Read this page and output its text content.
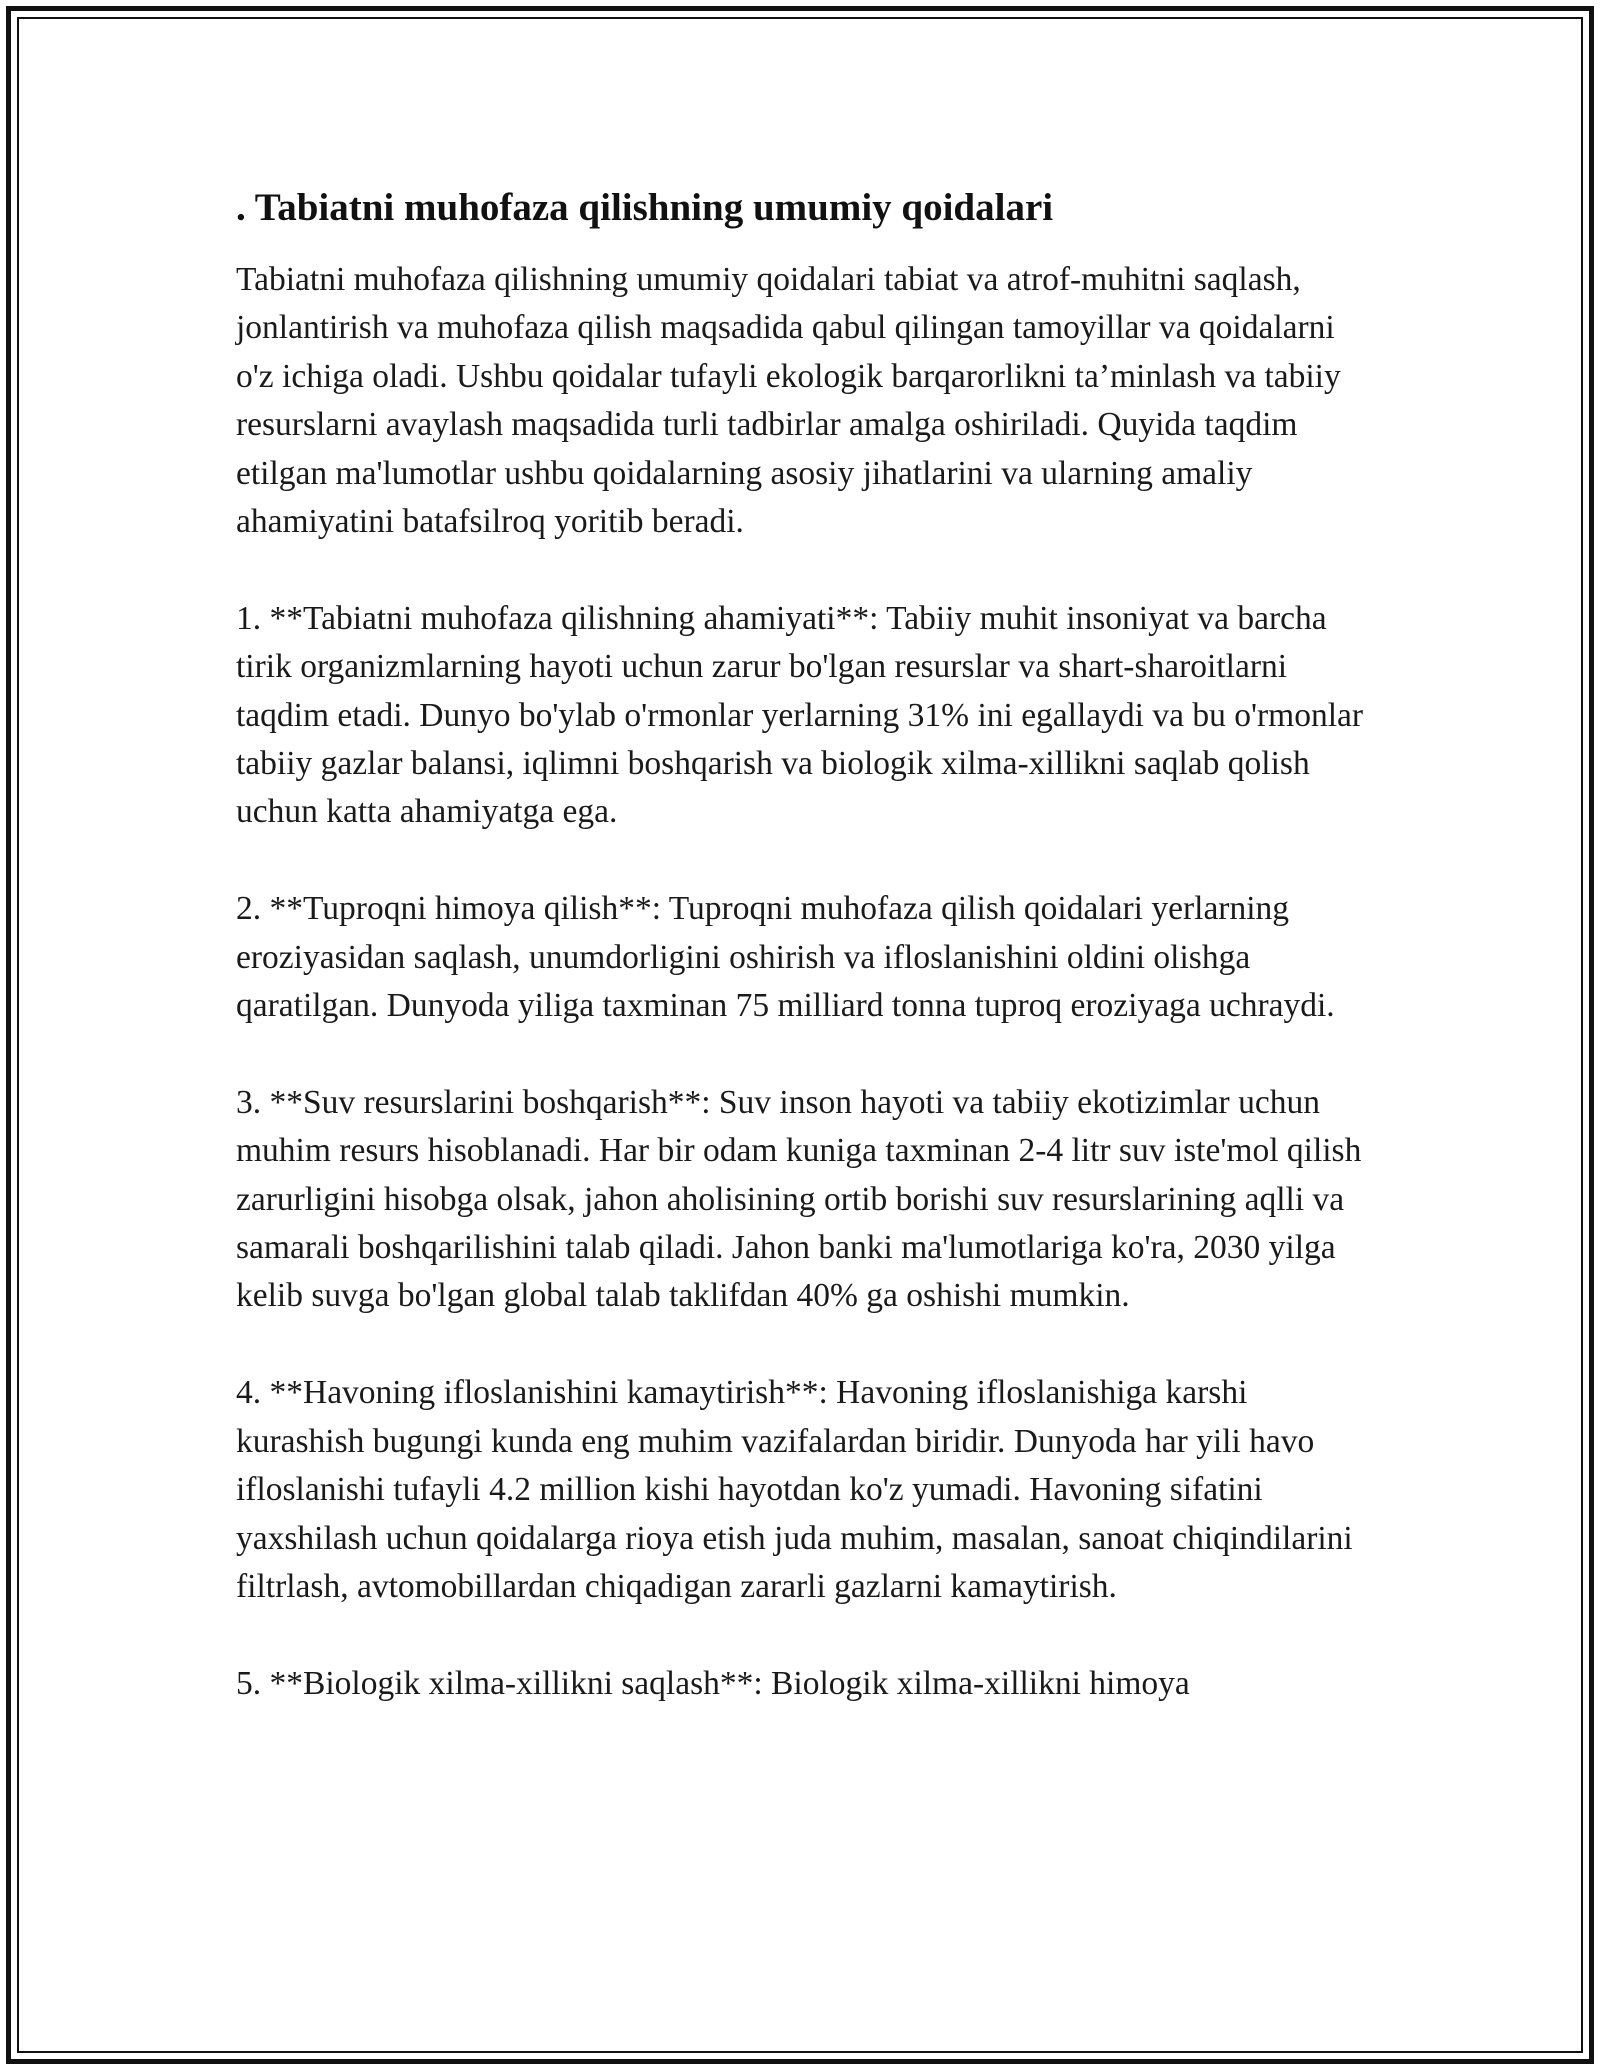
. Tabiatni muhofaza qilishning umumiy qoidalari

Tabiatni muhofaza qilishning umumiy qoidalari tabiat va atrof-muhitni saqlash, jonlantirish va muhofaza qilish maqsadida qabul qilingan tamoyillar va qoidalarni o'z ichiga oladi. Ushbu qoidalar tufayli ekologik barqarorlikni ta’minlash va tabiiy resurslarni avaylash maqsadida turli tadbirlar amalga oshiriladi. Quyida taqdim etilgan ma'lumotlar ushbu qoidalarning asosiy jihatlarini va ularning amaliy ahamiyatini batafsilroq yoritib beradi.

1. **Tabiatni muhofaza qilishning ahamiyati**: Tabiiy muhit insoniyat va barcha tirik organizmlarning hayoti uchun zarur bo'lgan resurslar va shart-sharoitlarni taqdim etadi. Dunyo bo'ylab o'rmonlar yerlarning 31% ini egallaydi va bu o'rmonlar tabiiy gazlar balansi, iqlimni boshqarish va biologik xilma-xillikni saqlab qolish uchun katta ahamiyatga ega.

2. **Tuproqni himoya qilish**: Tuproqni muhofaza qilish qoidalari yerlarning eroziyasidan saqlash, unumdorligini oshirish va ifloslanishini oldini olishga qaratilgan. Dunyoda yiliga taxminan 75 milliard tonna tuproq eroziyaga uchraydi.

3. **Suv resurslarini boshqarish**: Suv inson hayoti va tabiiy ekotizimlar uchun muhim resurs hisoblanadi. Har bir odam kuniga taxminan 2-4 litr suv iste'mol qilish zarurligini hisobga olsak, jahon aholisining ortib borishi suv resurslarining aqlli va samarali boshqarilishini talab qiladi. Jahon banki ma'lumotlariga ko'ra, 2030 yilga kelib suvga bo'lgan global talab taklifdan 40% ga oshishi mumkin.

4. **Havoning ifloslanishini kamaytirish**: Havoning ifloslanishiga karshi kurashish bugungi kunda eng muhim vazifalardan biridir. Dunyoda har yili havo ifloslanishi tufayli 4.2 million kishi hayotdan ko'z yumadi. Havoning sifatini yaxshilash uchun qoidalarga rioya etish juda muhim, masalan, sanoat chiqindilarini filtrlash, avtomobillardan chiqadigan zararli gazlarni kamaytirish.

5. **Biologik xilma-xillikni saqlash**: Biologik xilma-xillikni himoya
